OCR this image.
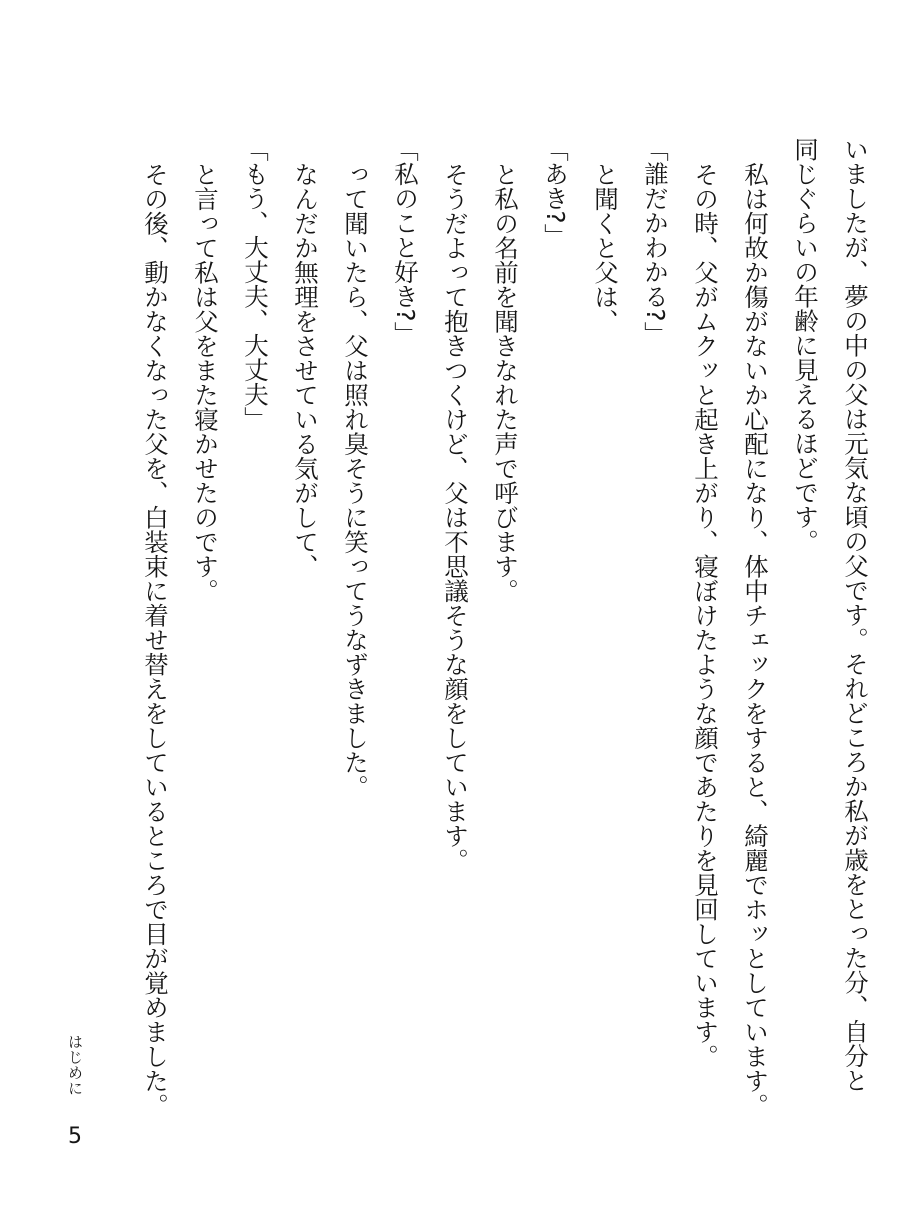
いましたが、夢の中の父は元気な頃の父です。それどころか私が歳をとった分、自分と
同じぐらいの年齢に見えるほどです。
私は何故か傷がないか心配になり、体中チェックをすると、綺麗でホッとしています。
その時、父がムクッと起き上がり、寝ぼけたような顔であたりを見回しています。
「誰だかわかる?」
と聞くと父は、
「あき?」
と私の名前を聞きなれた声で呼びます。
そうだよって抱きつくけど、父は不思議そうな顔をしています。
「私のこと好き?」
って聞いたら、父は照れ臭そうに笑ってうなずきました。
なんだか無理をさせている気がして、
「もう、大丈夫、大丈夫」
と言って私は父をまた寝かせたのです。
その後、動かなくなった父を、白装束に着せ替えをしているところで目が覚めました。
はじめに
5
